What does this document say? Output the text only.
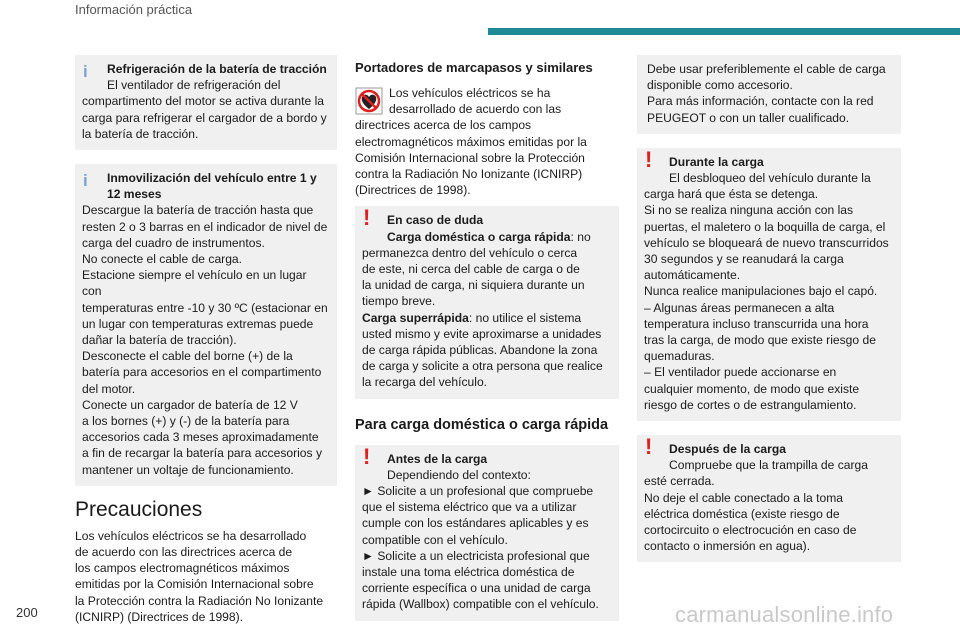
Información práctica
i	Refrigeración de la batería de tracción
El ventilador de refrigeración del
compartimento del motor se activa durante la
carga para refrigerar el cargador de a bordo y
la batería de tracción.
i	Inmovilización del vehículo entre 1 y 12 meses
Descargue la batería de tracción hasta que
resten 2 o 3 barras en el indicador de nivel de
carga del cuadro de instrumentos.
No conecte el cable de carga.
Estacione siempre el vehículo en un lugar con
temperaturas entre -10 y 30 ºC (estacionar en
un lugar con temperaturas extremas puede
dañar la batería de tracción).
Desconecte el cable del borne (+) de la
batería para accesorios en el compartimento
del motor.
Conecte un cargador de batería de 12 V
a los bornes (+) y (-) de la batería para
accesorios cada 3 meses aproximadamente
a fin de recargar la batería para accesorios y
mantener un voltaje de funcionamiento.
Precauciones
Los vehículos eléctricos se ha desarrollado
de acuerdo con las directrices acerca de
los campos electromagnéticos máximos
emitidas por la Comisión Internacional sobre
la Protección contra la Radiación No Ionizante
(ICNIRP) (Directrices de 1998).
Portadores de marcapasos y similares
Los vehículos eléctricos se ha
desarrollado de acuerdo con las
directrices acerca de los campos
electromagnéticos máximos emitidas por la
Comisión Internacional sobre la Protección
contra la Radiación No Ionizante (ICNIRP)
(Directrices de 1998).
!	En caso de duda
Carga doméstica o carga rápida: no
permanezca dentro del vehículo o cerca
de este, ni cerca del cable de carga o de
la unidad de carga, ni siquiera durante un
tiempo breve.
Carga superrápida: no utilice el sistema
usted mismo y evite aproximarse a unidades
de carga rápida públicas. Abandone la zona
de carga y solicite a otra persona que realice
la recarga del vehículo.
Para carga doméstica o carga rápida
!	Antes de la carga
Dependiendo del contexto:
► Solicite a un profesional que compruebe
que el sistema eléctrico que va a utilizar
cumple con los estándares aplicables y es
compatible con el vehículo.
► Solicite a un electricista profesional que
instale una toma eléctrica doméstica de
corriente específica o una unidad de carga
rápida (Wallbox) compatible con el vehículo.
Debe usar preferiblemente el cable de carga
disponible como accesorio.
Para más información, contacte con la red
PEUGEOT o con un taller cualificado.
!	Durante la carga
El desbloqueo del vehículo durante la
carga hará que ésta se detenga.
Si no se realiza ninguna acción con las
puertas, el maletero o la boquilla de carga, el
vehículo se bloqueará de nuevo transcurridos
30 segundos y se reanudará la carga
automáticamente.
Nunca realice manipulaciones bajo el capó.
– Algunas áreas permanecen a alta
temperatura incluso transcurrida una hora
tras la carga, de modo que existe riesgo de
quemaduras.
– El ventilador puede accionarse en
cualquier momento, de modo que existe
riesgo de cortes o de estrangulamiento.
!	Después de la carga
Compruebe que la trampilla de carga
esté cerrada.
No deje el cable conectado a la toma
eléctrica doméstica (existe riesgo de
cortocircuito o electrocución en caso de
contacto o inmersión en agua).
200	carmanualsonline.info
